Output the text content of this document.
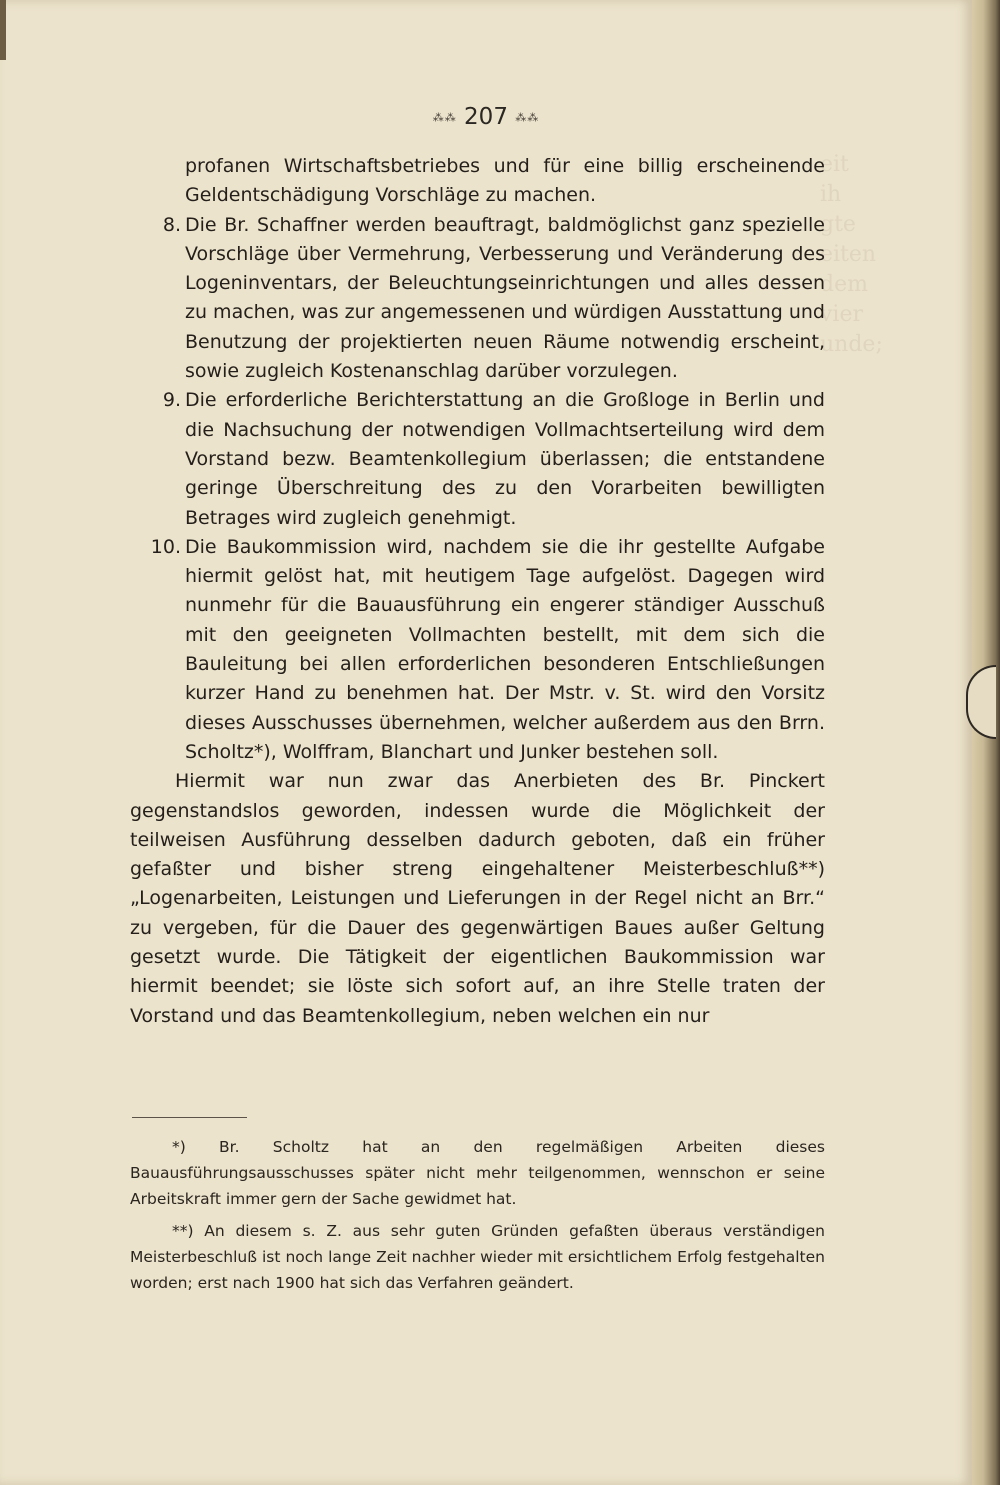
eit
ih
gte
eiten
dem
vier
unde;
⁂⁂ 207 ⁂⁂

profanen Wirtschaftsbetriebes und für eine billig erscheinende Geldentschädigung Vorschläge zu machen.

8. Die Br. Schaffner werden beauftragt, baldmöglichst ganz spezielle Vorschläge über Vermehrung, Verbesserung und Veränderung des Logeninventars, der Beleuchtungseinrichtungen und alles dessen zu machen, was zur angemessenen und würdigen Ausstattung und Benutzung der projektierten neuen Räume notwendig erscheint, sowie zugleich Kostenanschlag darüber vorzulegen.

9. Die erforderliche Berichterstattung an die Großloge in Berlin und die Nachsuchung der notwendigen Vollmachtserteilung wird dem Vorstand bezw. Beamtenkollegium überlassen; die entstandene geringe Überschreitung des zu den Vorarbeiten bewilligten Betrages wird zugleich genehmigt.

10. Die Baukommission wird, nachdem sie die ihr gestellte Aufgabe hiermit gelöst hat, mit heutigem Tage aufgelöst. Dagegen wird nunmehr für die Bauausführung ein engerer ständiger Ausschuß mit den geeigneten Vollmachten bestellt, mit dem sich die Bauleitung bei allen erforderlichen besonderen Entschließungen kurzer Hand zu benehmen hat. Der Mstr. v. St. wird den Vorsitz dieses Ausschusses übernehmen, welcher außerdem aus den Brrn. Scholtz*), Wolffram, Blanchart und Junker bestehen soll.

Hiermit war nun zwar das Anerbieten des Br. Pinckert gegenstandslos geworden, indessen wurde die Möglichkeit der teilweisen Ausführung desselben dadurch geboten, daß ein früher gefaßter und bisher streng eingehaltener Meisterbeschluß**) „Logenarbeiten, Leistungen und Lieferungen in der Regel nicht an Brr.“ zu vergeben, für die Dauer des gegenwärtigen Baues außer Geltung gesetzt wurde. Die Tätigkeit der eigentlichen Baukommission war hiermit beendet; sie löste sich sofort auf, an ihre Stelle traten der Vorstand und das Beamtenkollegium, neben welchen ein nur

*) Br. Scholtz hat an den regelmäßigen Arbeiten dieses Bauausführungsausschusses später nicht mehr teilgenommen, wennschon er seine Arbeitskraft immer gern der Sache gewidmet hat.

**) An diesem s. Z. aus sehr guten Gründen gefaßten überaus verständigen Meisterbeschluß ist noch lange Zeit nachher wieder mit ersichtlichem Erfolg festgehalten worden; erst nach 1900 hat sich das Verfahren geändert.
